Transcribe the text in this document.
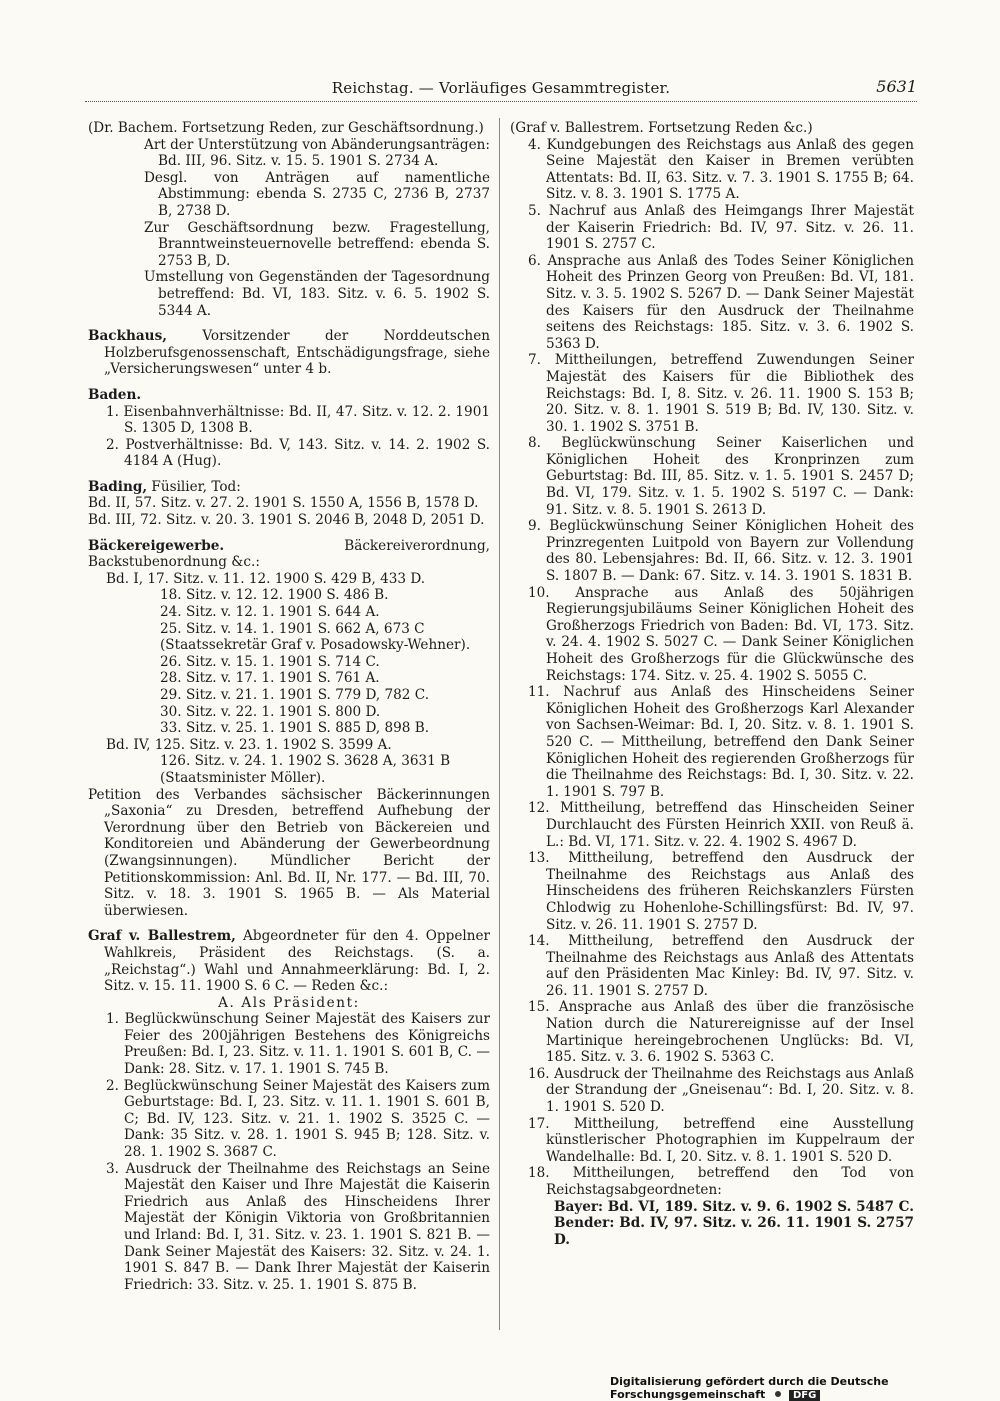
Reichstag. — Vorläufiges Gesammtregister.	5631

(Dr. Bachem. Fortsetzung Reden, zur Geschäftsordnung.)

Art der Unterstützung von Abänderungsanträgen: Bd. III, 96. Sitz. v. 15. 5. 1901 S. 2734 A.

Desgl. von Anträgen auf namentliche Abstimmung: ebenda S. 2735 C, 2736 B, 2737 B, 2738 D.

Zur Geschäftsordnung bezw. Fragestellung, Branntweinsteuernovelle betreffend: ebenda S. 2753 B, D.

Umstellung von Gegenständen der Tagesordnung betreffend: Bd. VI, 183. Sitz. v. 6. 5. 1902 S. 5344 A.

Backhaus,	Vorsitzender der Norddeutschen Holzberufsgenossenschaft, Entschädigungsfrage, siehe „Versicherungswesen“ unter 4 b.

Baden.

1. Eisenbahnverhältnisse: Bd. II, 47. Sitz. v. 12. 2. 1901 S. 1305 D, 1308 B.

2. Postverhältnisse: Bd. V, 143. Sitz. v. 14. 2. 1902 S. 4184 A (Hug).

Bading, Füsilier, Tod:

Bd. II, 57. Sitz. v. 27. 2. 1901 S. 1550 A, 1556 B, 1578 D.

Bd. III, 72. Sitz. v. 20. 3. 1901 S. 2046 B, 2048 D, 2051 D.

Bäckereigewerbe.	Bäckereiverordnung, Backstubenordnung &c.:

Bd. I, 17. Sitz. v. 11. 12. 1900 S. 429 B, 433 D.

18. Sitz. v. 12. 12. 1900 S. 486 B.

24. Sitz. v. 12. 1. 1901 S. 644 A.

25. Sitz. v. 14. 1. 1901 S. 662 A, 673 C

(Staatssekretär Graf v. Posadowsky-Wehner).

26. Sitz. v. 15. 1. 1901 S. 714 C.

28. Sitz. v. 17. 1. 1901 S. 761 A.

29. Sitz. v. 21. 1. 1901 S. 779 D, 782 C.

30. Sitz. v. 22. 1. 1901 S. 800 D.

33. Sitz. v. 25. 1. 1901 S. 885 D, 898 B.

Bd. IV, 125. Sitz. v. 23. 1. 1902 S. 3599 A.

126. Sitz. v. 24. 1. 1902 S. 3628 A, 3631 B

(Staatsminister Möller).

Petition des Verbandes sächsischer Bäckerinnungen „Saxonia“ zu Dresden, betreffend Aufhebung der Verordnung über den Betrieb von Bäckereien und Konditoreien und Abänderung der Gewerbeordnung (Zwangsinnungen). Mündlicher Bericht der Petitionskommission: Anl. Bd. II, Nr. 177. — Bd. III, 70. Sitz. v. 18. 3. 1901 S. 1965 B. — Als Material überwiesen.

Graf v. Ballestrem, Abgeordneter für den 4. Oppelner Wahlkreis, Präsident des Reichstags. (S. a. „Reichstag“.) Wahl und Annahmeerklärung: Bd. I, 2. Sitz. v. 15. 11. 1900 S. 6 C. — Reden &c.:

A. Als Präsident:

1. Beglückwünschung Seiner Majestät des Kaisers zur Feier des 200jährigen Bestehens des Königreichs Preußen: Bd. I, 23. Sitz. v. 11. 1. 1901 S. 601 B, C. — Dank: 28. Sitz. v. 17. 1. 1901 S. 745 B.

2. Beglückwünschung Seiner Majestät des Kaisers zum Geburtstage: Bd. I, 23. Sitz. v. 11. 1. 1901 S. 601 B, C; Bd. IV, 123. Sitz. v. 21. 1. 1902 S. 3525 C. — Dank: 35 Sitz. v. 28. 1. 1901 S. 945 B; 128. Sitz. v. 28. 1. 1902 S. 3687 C.

3. Ausdruck der Theilnahme des Reichstags an Seine Majestät den Kaiser und Ihre Majestät die Kaiserin Friedrich aus Anlaß des Hinscheidens Ihrer Majestät der Königin Viktoria von Großbritannien und Irland: Bd. I, 31. Sitz. v. 23. 1. 1901 S. 821 B. — Dank Seiner Majestät des Kaisers: 32. Sitz. v. 24. 1. 1901 S. 847 B. — Dank Ihrer Majestät der Kaiserin Friedrich: 33. Sitz. v. 25. 1. 1901 S. 875 B.

(Graf v. Ballestrem. Fortsetzung Reden &c.)

4. Kundgebungen des Reichstags aus Anlaß des gegen Seine Majestät den Kaiser in Bremen verübten Attentats: Bd. II, 63. Sitz. v. 7. 3. 1901 S. 1755 B; 64. Sitz. v. 8. 3. 1901 S. 1775 A.

5. Nachruf aus Anlaß des Heimgangs Ihrer Majestät der Kaiserin Friedrich: Bd. IV, 97. Sitz. v. 26. 11. 1901 S. 2757 C.

6. Ansprache aus Anlaß des Todes Seiner Königlichen Hoheit des Prinzen Georg von Preußen: Bd. VI, 181. Sitz. v. 3. 5. 1902 S. 5267 D. — Dank Seiner Majestät des Kaisers für den Ausdruck der Theilnahme seitens des Reichstags: 185. Sitz. v. 3. 6. 1902 S. 5363 D.

7. Mittheilungen, betreffend Zuwendungen Seiner Majestät des Kaisers für die Bibliothek des Reichstags: Bd. I, 8. Sitz. v. 26. 11. 1900 S. 153 B; 20. Sitz. v. 8. 1. 1901 S. 519 B; Bd. IV, 130. Sitz. v. 30. 1. 1902 S. 3751 B.

8. Beglückwünschung Seiner Kaiserlichen und Königlichen Hoheit des Kronprinzen zum Geburtstag: Bd. III, 85. Sitz. v. 1. 5. 1901 S. 2457 D; Bd. VI, 179. Sitz. v. 1. 5. 1902 S. 5197 C. — Dank: 91. Sitz. v. 8. 5. 1901 S. 2613 D.

9. Beglückwünschung Seiner Königlichen Hoheit des Prinzregenten Luitpold von Bayern zur Vollendung des 80. Lebensjahres: Bd. II, 66. Sitz. v. 12. 3. 1901 S. 1807 B. — Dank: 67. Sitz. v. 14. 3. 1901 S. 1831 B.

10. Ansprache aus Anlaß des 50jährigen Regierungsjubiläums Seiner Königlichen Hoheit des Großherzogs Friedrich von Baden: Bd. VI, 173. Sitz. v. 24. 4. 1902 S. 5027 C. — Dank Seiner Königlichen Hoheit des Großherzogs für die Glückwünsche des Reichstags: 174. Sitz. v. 25. 4. 1902 S. 5055 C.

11. Nachruf aus Anlaß des Hinscheidens Seiner Königlichen Hoheit des Großherzogs Karl Alexander von Sachsen-Weimar: Bd. I, 20. Sitz. v. 8. 1. 1901 S. 520 C. — Mittheilung, betreffend den Dank Seiner Königlichen Hoheit des regierenden Großherzogs für die Theilnahme des Reichstags: Bd. I, 30. Sitz. v. 22. 1. 1901 S. 797 B.

12. Mittheilung, betreffend das Hinscheiden Seiner Durchlaucht des Fürsten Heinrich XXII. von Reuß ä. L.: Bd. VI, 171. Sitz. v. 22. 4. 1902 S. 4967 D.

13. Mittheilung, betreffend den Ausdruck der Theilnahme des Reichstags aus Anlaß des Hinscheidens des früheren Reichskanzlers Fürsten Chlodwig zu Hohenlohe-Schillingsfürst: Bd. IV, 97. Sitz. v. 26. 11. 1901 S. 2757 D.

14. Mittheilung, betreffend den Ausdruck der Theilnahme des Reichstags aus Anlaß des Attentats auf den Präsidenten Mac Kinley: Bd. IV, 97. Sitz. v. 26. 11. 1901 S. 2757 D.

15. Ansprache aus Anlaß des über die französische Nation durch die Naturereignisse auf der Insel Martinique hereingebrochenen Unglücks: Bd. VI, 185. Sitz. v. 3. 6. 1902 S. 5363 C.

16. Ausdruck der Theilnahme des Reichstags aus Anlaß der Strandung der „Gneisenau“: Bd. I, 20. Sitz. v. 8. 1. 1901 S. 520 D.

17. Mittheilung, betreffend eine Ausstellung künstlerischer Photographien im Kuppelraum der Wandelhalle: Bd. I, 20. Sitz. v. 8. 1. 1901 S. 520 D.

18. Mittheilungen, betreffend den Tod von Reichstagsabgeordneten:

Bayer: Bd. VI, 189. Sitz. v. 9. 6. 1902 S. 5487 C.

Bender: Bd. IV, 97. Sitz. v. 26. 11. 1901 S. 2757 D.

Digitalisierung gefördert durch die Deutsche Forschungsgemeinschaft	DFG
